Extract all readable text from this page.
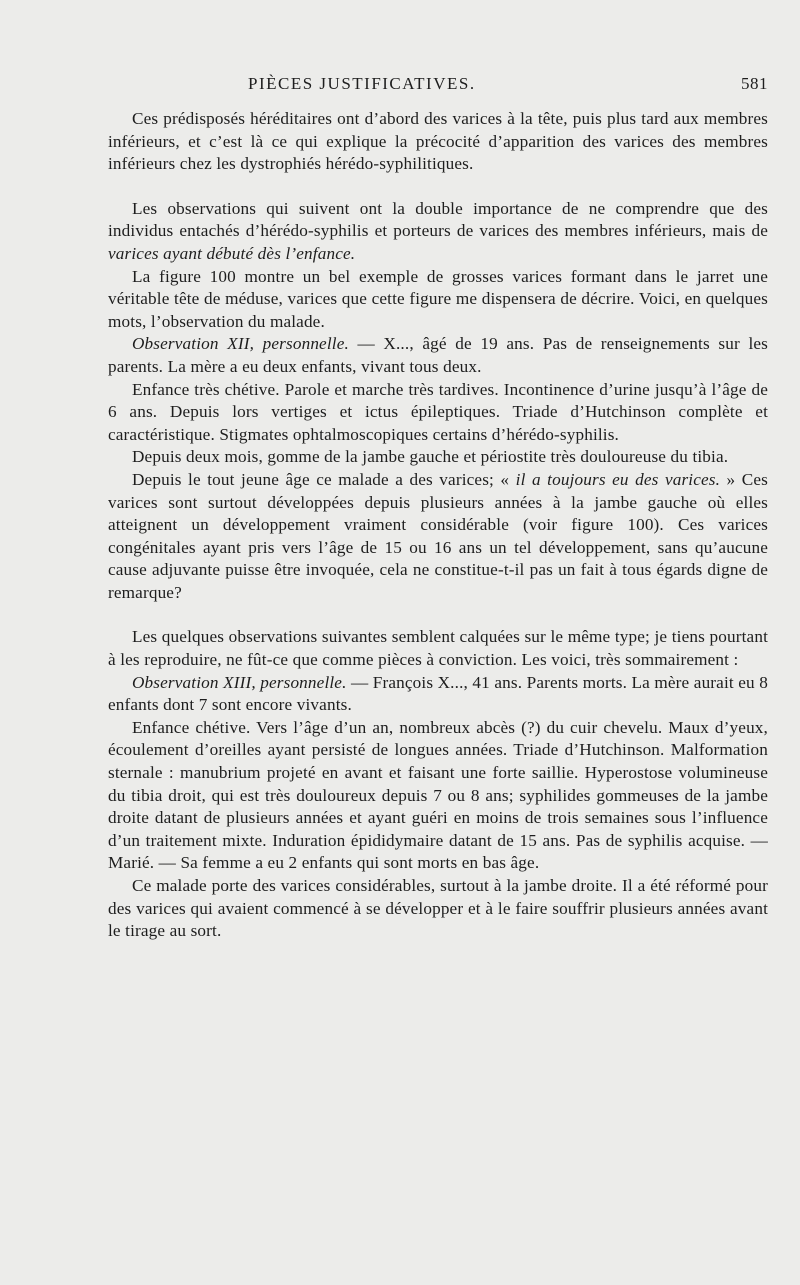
PIÈCES JUSTIFICATIVES.	581

Ces prédisposés héréditaires ont d’abord des varices à la tête, puis plus tard aux membres inférieurs, et c’est là ce qui explique la précocité d’apparition des varices des membres inférieurs chez les dystrophiés hérédo-syphilitiques.

Les observations qui suivent ont la double importance de ne comprendre que des individus entachés d’hérédo-syphilis et porteurs de varices des membres inférieurs, mais de varices ayant débuté dès l’enfance.

La figure 100 montre un bel exemple de grosses varices formant dans le jarret une véritable tête de méduse, varices que cette figure me dispensera de décrire. Voici, en quelques mots, l’observation du malade.

Observation XII, personnelle. — X..., âgé de 19 ans. Pas de renseignements sur les parents. La mère a eu deux enfants, vivant tous deux.

Enfance très chétive. Parole et marche très tardives. Incontinence d’urine jusqu’à l’âge de 6 ans. Depuis lors vertiges et ictus épileptiques. Triade d’Hutchinson complète et caractéristique. Stigmates ophtalmoscopiques certains d’hérédo-syphilis.

Depuis deux mois, gomme de la jambe gauche et périostite très douloureuse du tibia.

Depuis le tout jeune âge ce malade a des varices; « il a toujours eu des varices. » Ces varices sont surtout développées depuis plusieurs années à la jambe gauche où elles atteignent un développement vraiment considérable (voir figure 100). Ces varices congénitales ayant pris vers l’âge de 15 ou 16 ans un tel développement, sans qu’aucune cause adjuvante puisse être invoquée, cela ne constitue-t-il pas un fait à tous égards digne de remarque?

Les quelques observations suivantes semblent calquées sur le même type; je tiens pourtant à les reproduire, ne fût-ce que comme pièces à conviction. Les voici, très sommairement :

Observation XIII, personnelle. — François X..., 41 ans. Parents morts. La mère aurait eu 8 enfants dont 7 sont encore vivants.

Enfance chétive. Vers l’âge d’un an, nombreux abcès (?) du cuir chevelu. Maux d’yeux, écoulement d’oreilles ayant persisté de longues années. Triade d’Hutchinson. Malformation sternale : manubrium projeté en avant et faisant une forte saillie. Hyperostose volumineuse du tibia droit, qui est très douloureux depuis 7 ou 8 ans; syphilides gommeuses de la jambe droite datant de plusieurs années et ayant guéri en moins de trois semaines sous l’influence d’un traitement mixte. Induration épididymaire datant de 15 ans. Pas de syphilis acquise. — Marié. — Sa femme a eu 2 enfants qui sont morts en bas âge.

Ce malade porte des varices considérables, surtout à la jambe droite. Il a été réformé pour des varices qui avaient commencé à se développer et à le faire souffrir plusieurs années avant le tirage au sort.
